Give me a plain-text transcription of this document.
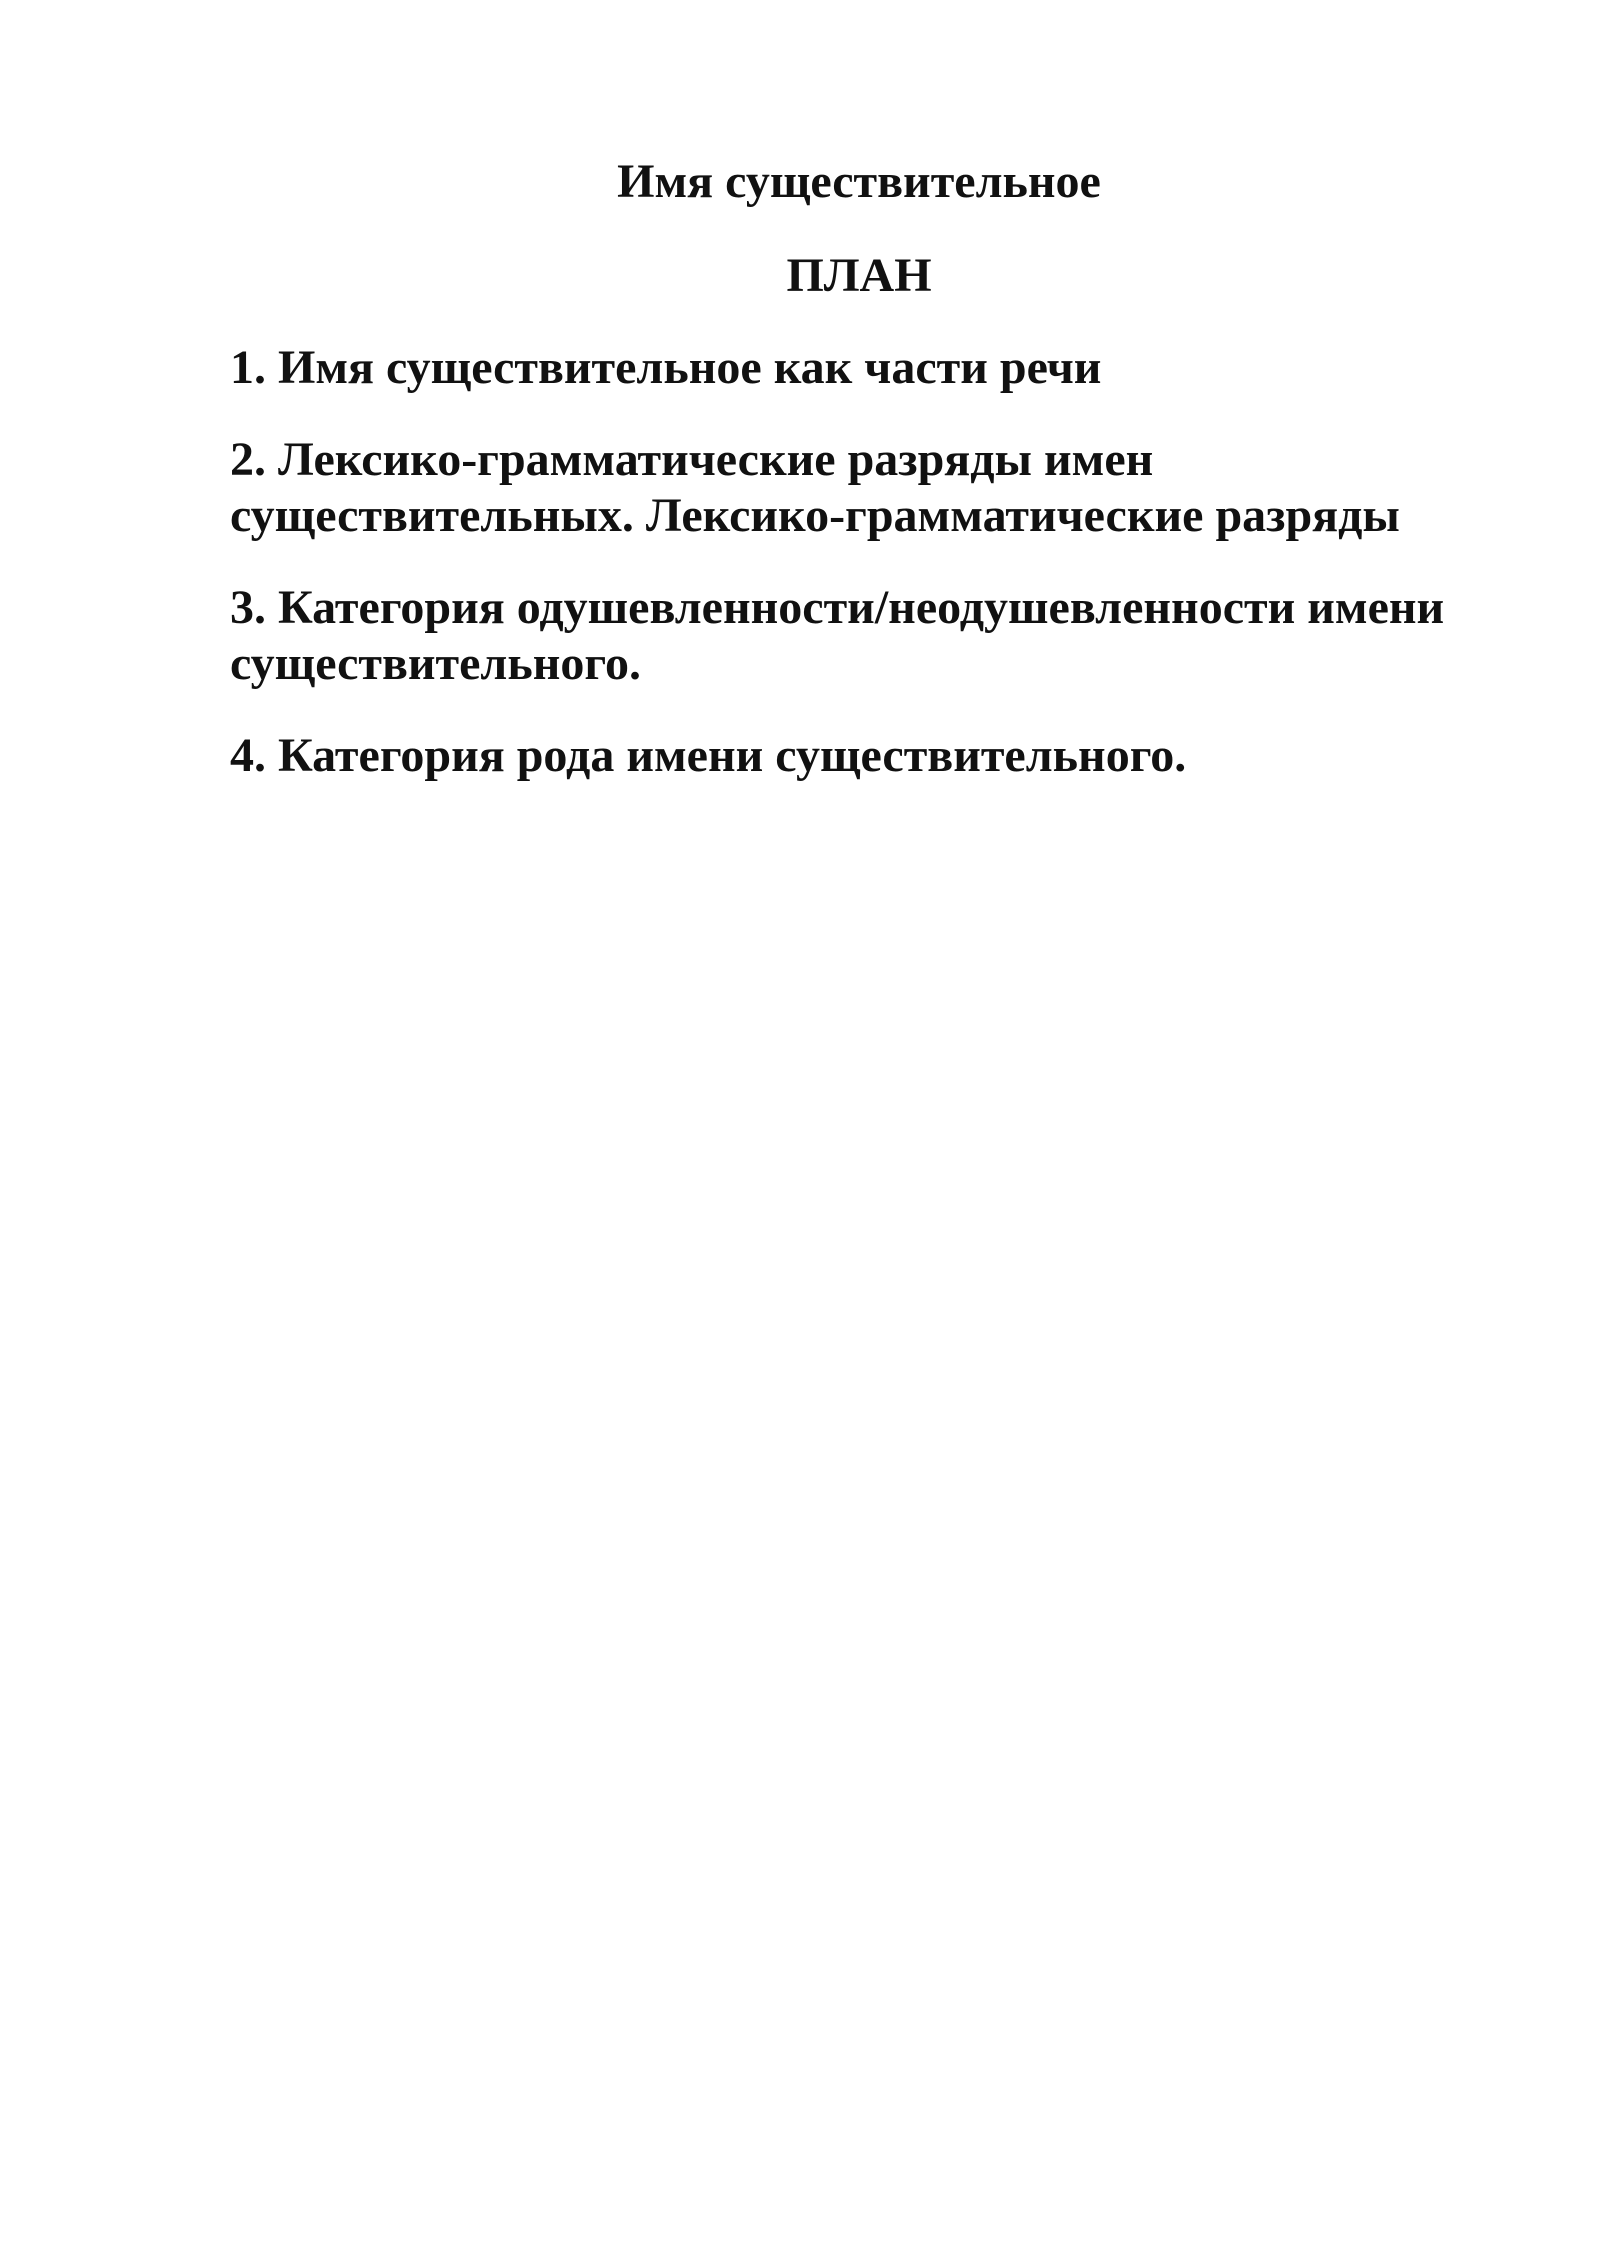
Имя существительное
ПЛАН
1. Имя существительное как части речи
2. Лексико-грамматические разряды имен существительных. Лексико-грамматические разряды
3. Категория одушевленности/неодушевленности имени существительного.
4. Категория рода имени существительного.
